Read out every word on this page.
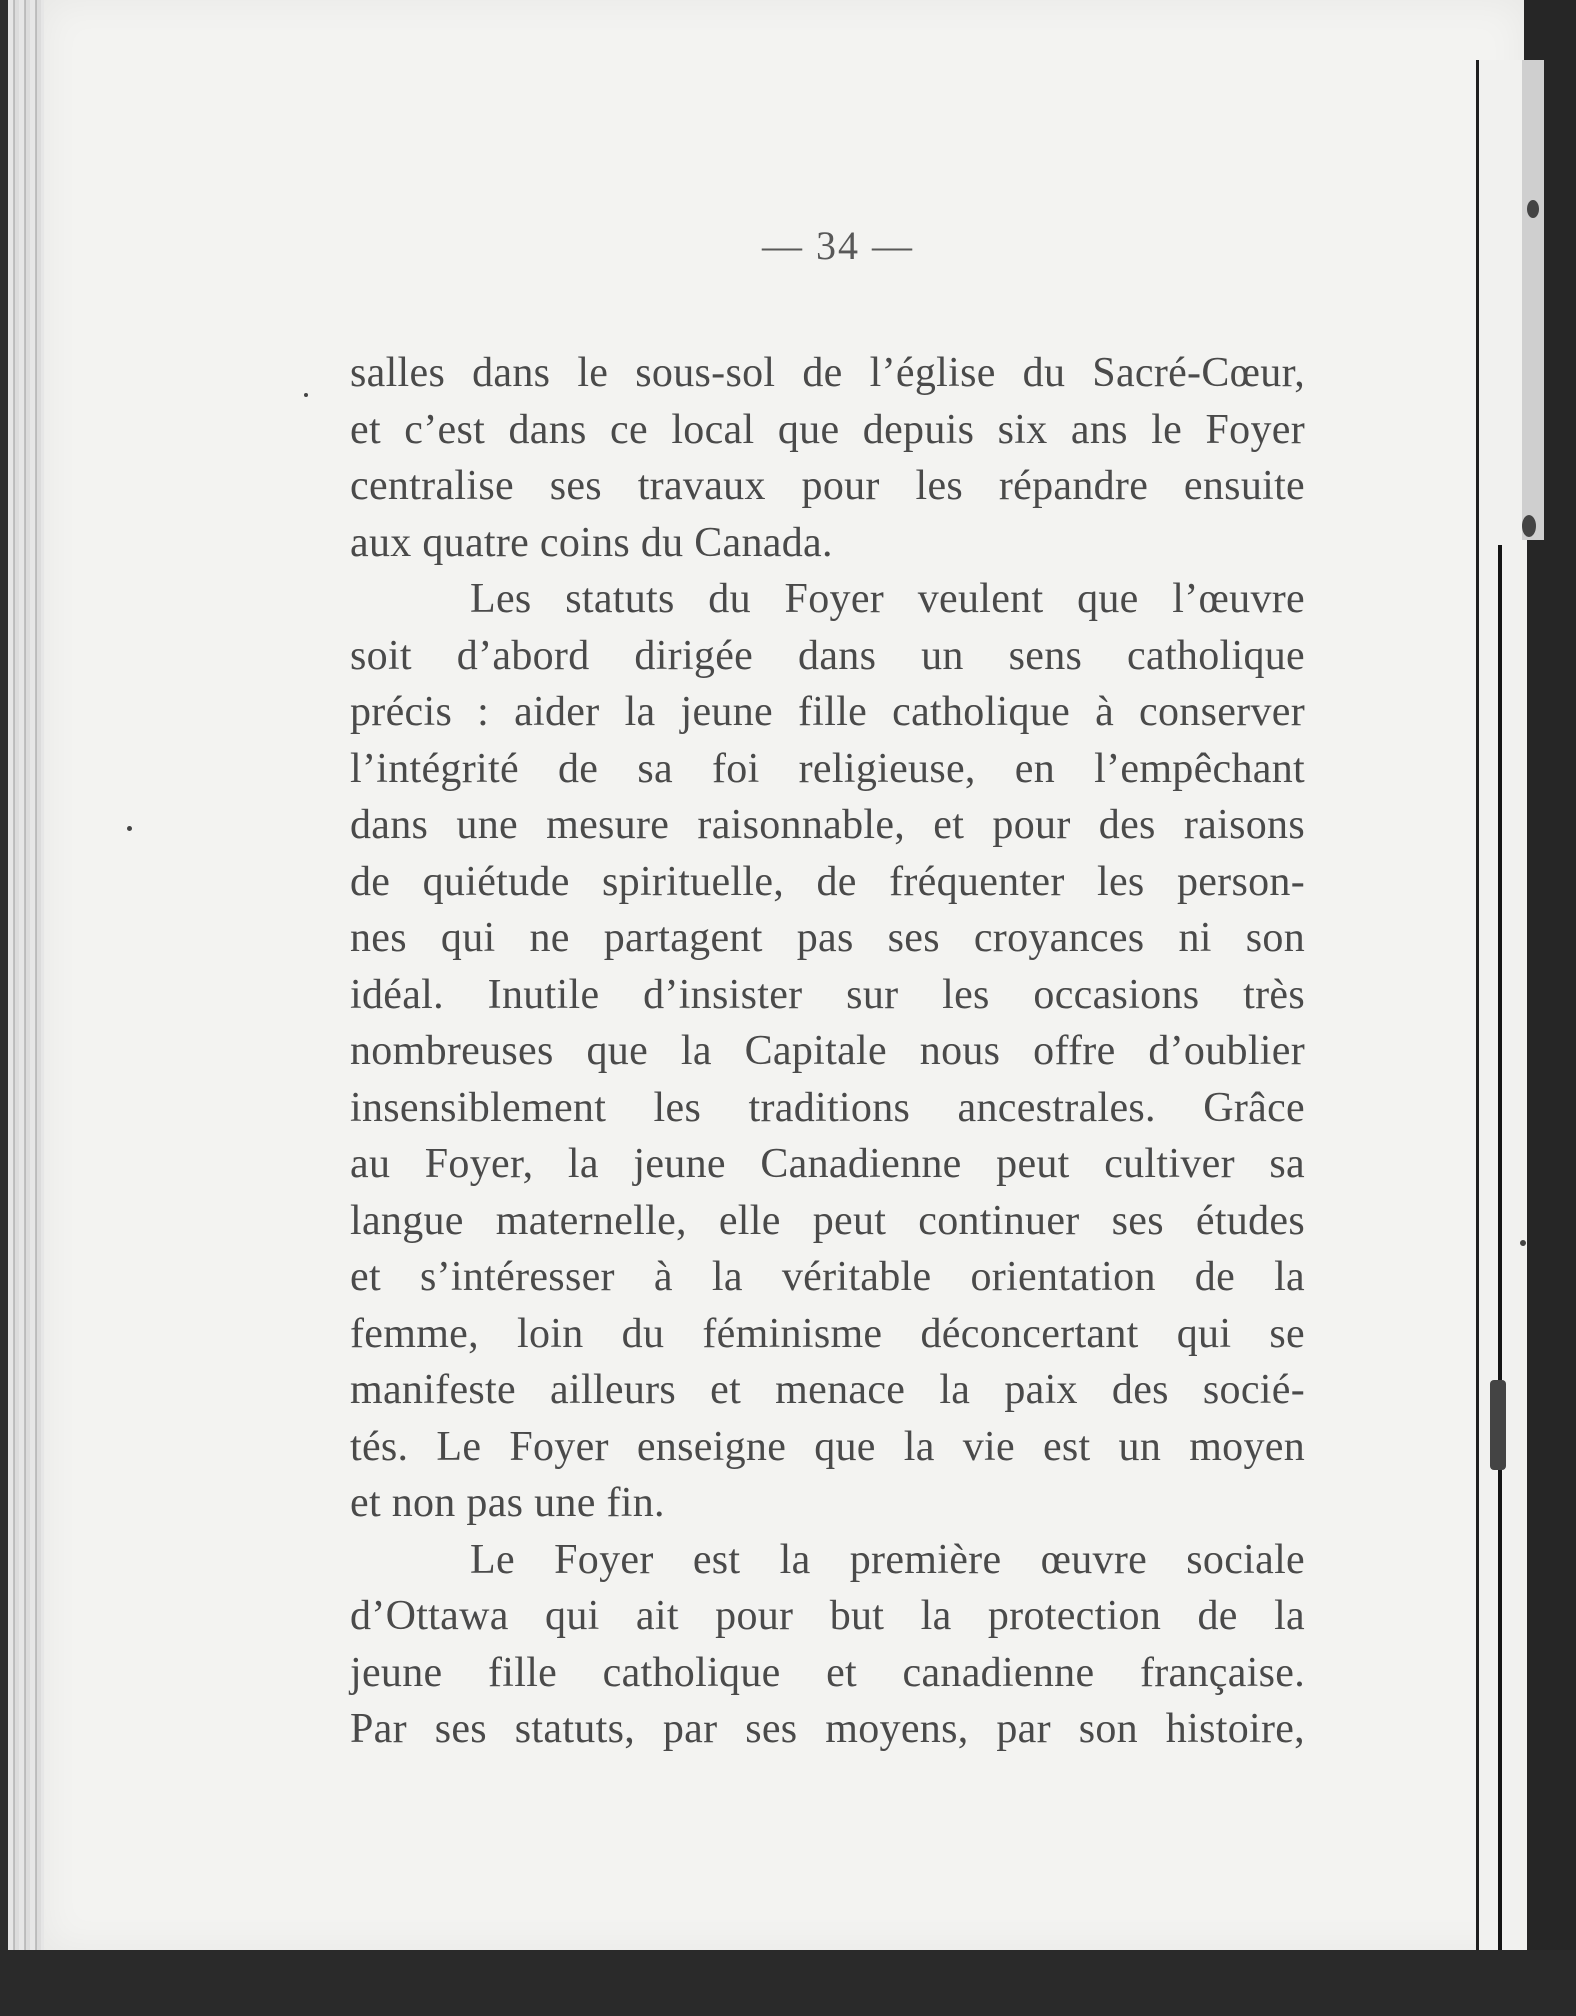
— 34 —
salles dans le sous-sol de l’église du Sacré-Cœur,
et c’est dans ce local que depuis six ans le Foyer
centralise ses travaux pour les répandre ensuite
aux quatre coins du Canada.
Les statuts du Foyer veulent que l’œuvre
soit d’abord dirigée dans un sens catholique
précis : aider la jeune fille catholique à conserver
l’intégrité de sa foi religieuse, en l’empêchant
dans une mesure raisonnable, et pour des raisons
de quiétude spirituelle, de fréquenter les person-
nes qui ne partagent pas ses croyances ni son
idéal. Inutile d’insister sur les occasions très
nombreuses que la Capitale nous offre d’oublier
insensiblement les traditions ancestrales. Grâce
au Foyer, la jeune Canadienne peut cultiver sa
langue maternelle, elle peut continuer ses études
et s’intéresser à la véritable orientation de la
femme, loin du féminisme déconcertant qui se
manifeste ailleurs et menace la paix des socié-
tés. Le Foyer enseigne que la vie est un moyen
et non pas une fin.
Le Foyer est la première œuvre sociale
d’Ottawa qui ait pour but la protection de la
jeune fille catholique et canadienne française.
Par ses statuts, par ses moyens, par son histoire,
